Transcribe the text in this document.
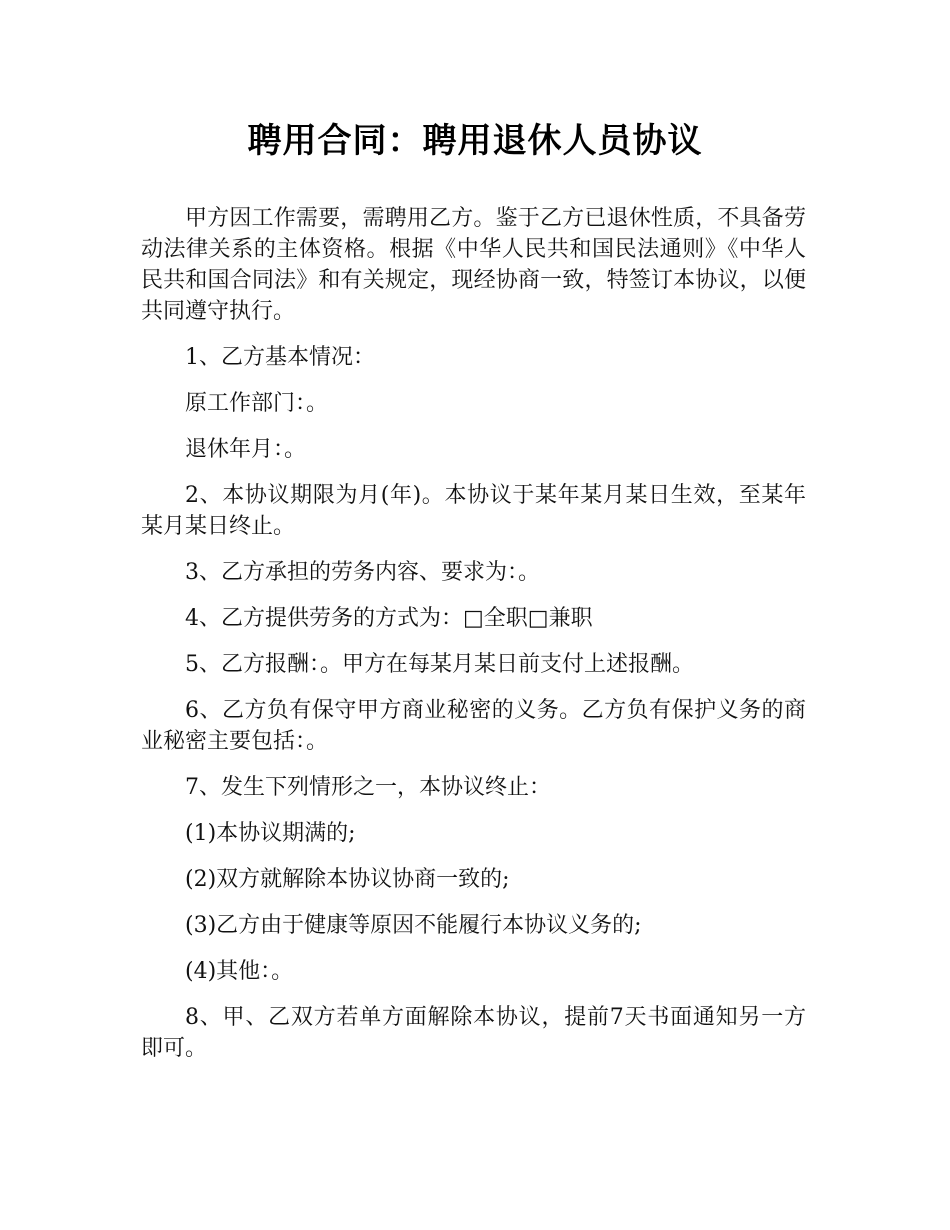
聘用合同：聘用退休人员协议

甲方因工作需要，需聘用乙方。鉴于乙方已退休性质，不具备劳动法律关系的主体资格。根据《中华人民共和国民法通则》《中华人民共和国合同法》和有关规定，现经协商一致，特签订本协议，以便共同遵守执行。

1、乙方基本情况：

原工作部门：。

退休年月：。

2、本协议期限为月(年)。本协议于某年某月某日生效，至某年某月某日终止。

3、乙方承担的劳务内容、要求为：。

4、乙方提供劳务的方式为：□全职□兼职

5、乙方报酬：。甲方在每某月某日前支付上述报酬。

6、乙方负有保守甲方商业秘密的义务。乙方负有保护义务的商业秘密主要包括：。

7、发生下列情形之一，本协议终止：

(1)本协议期满的;

(2)双方就解除本协议协商一致的;

(3)乙方由于健康等原因不能履行本协议义务的;

(4)其他：。

8、甲、乙双方若单方面解除本协议，提前7天书面通知另一方即可。
